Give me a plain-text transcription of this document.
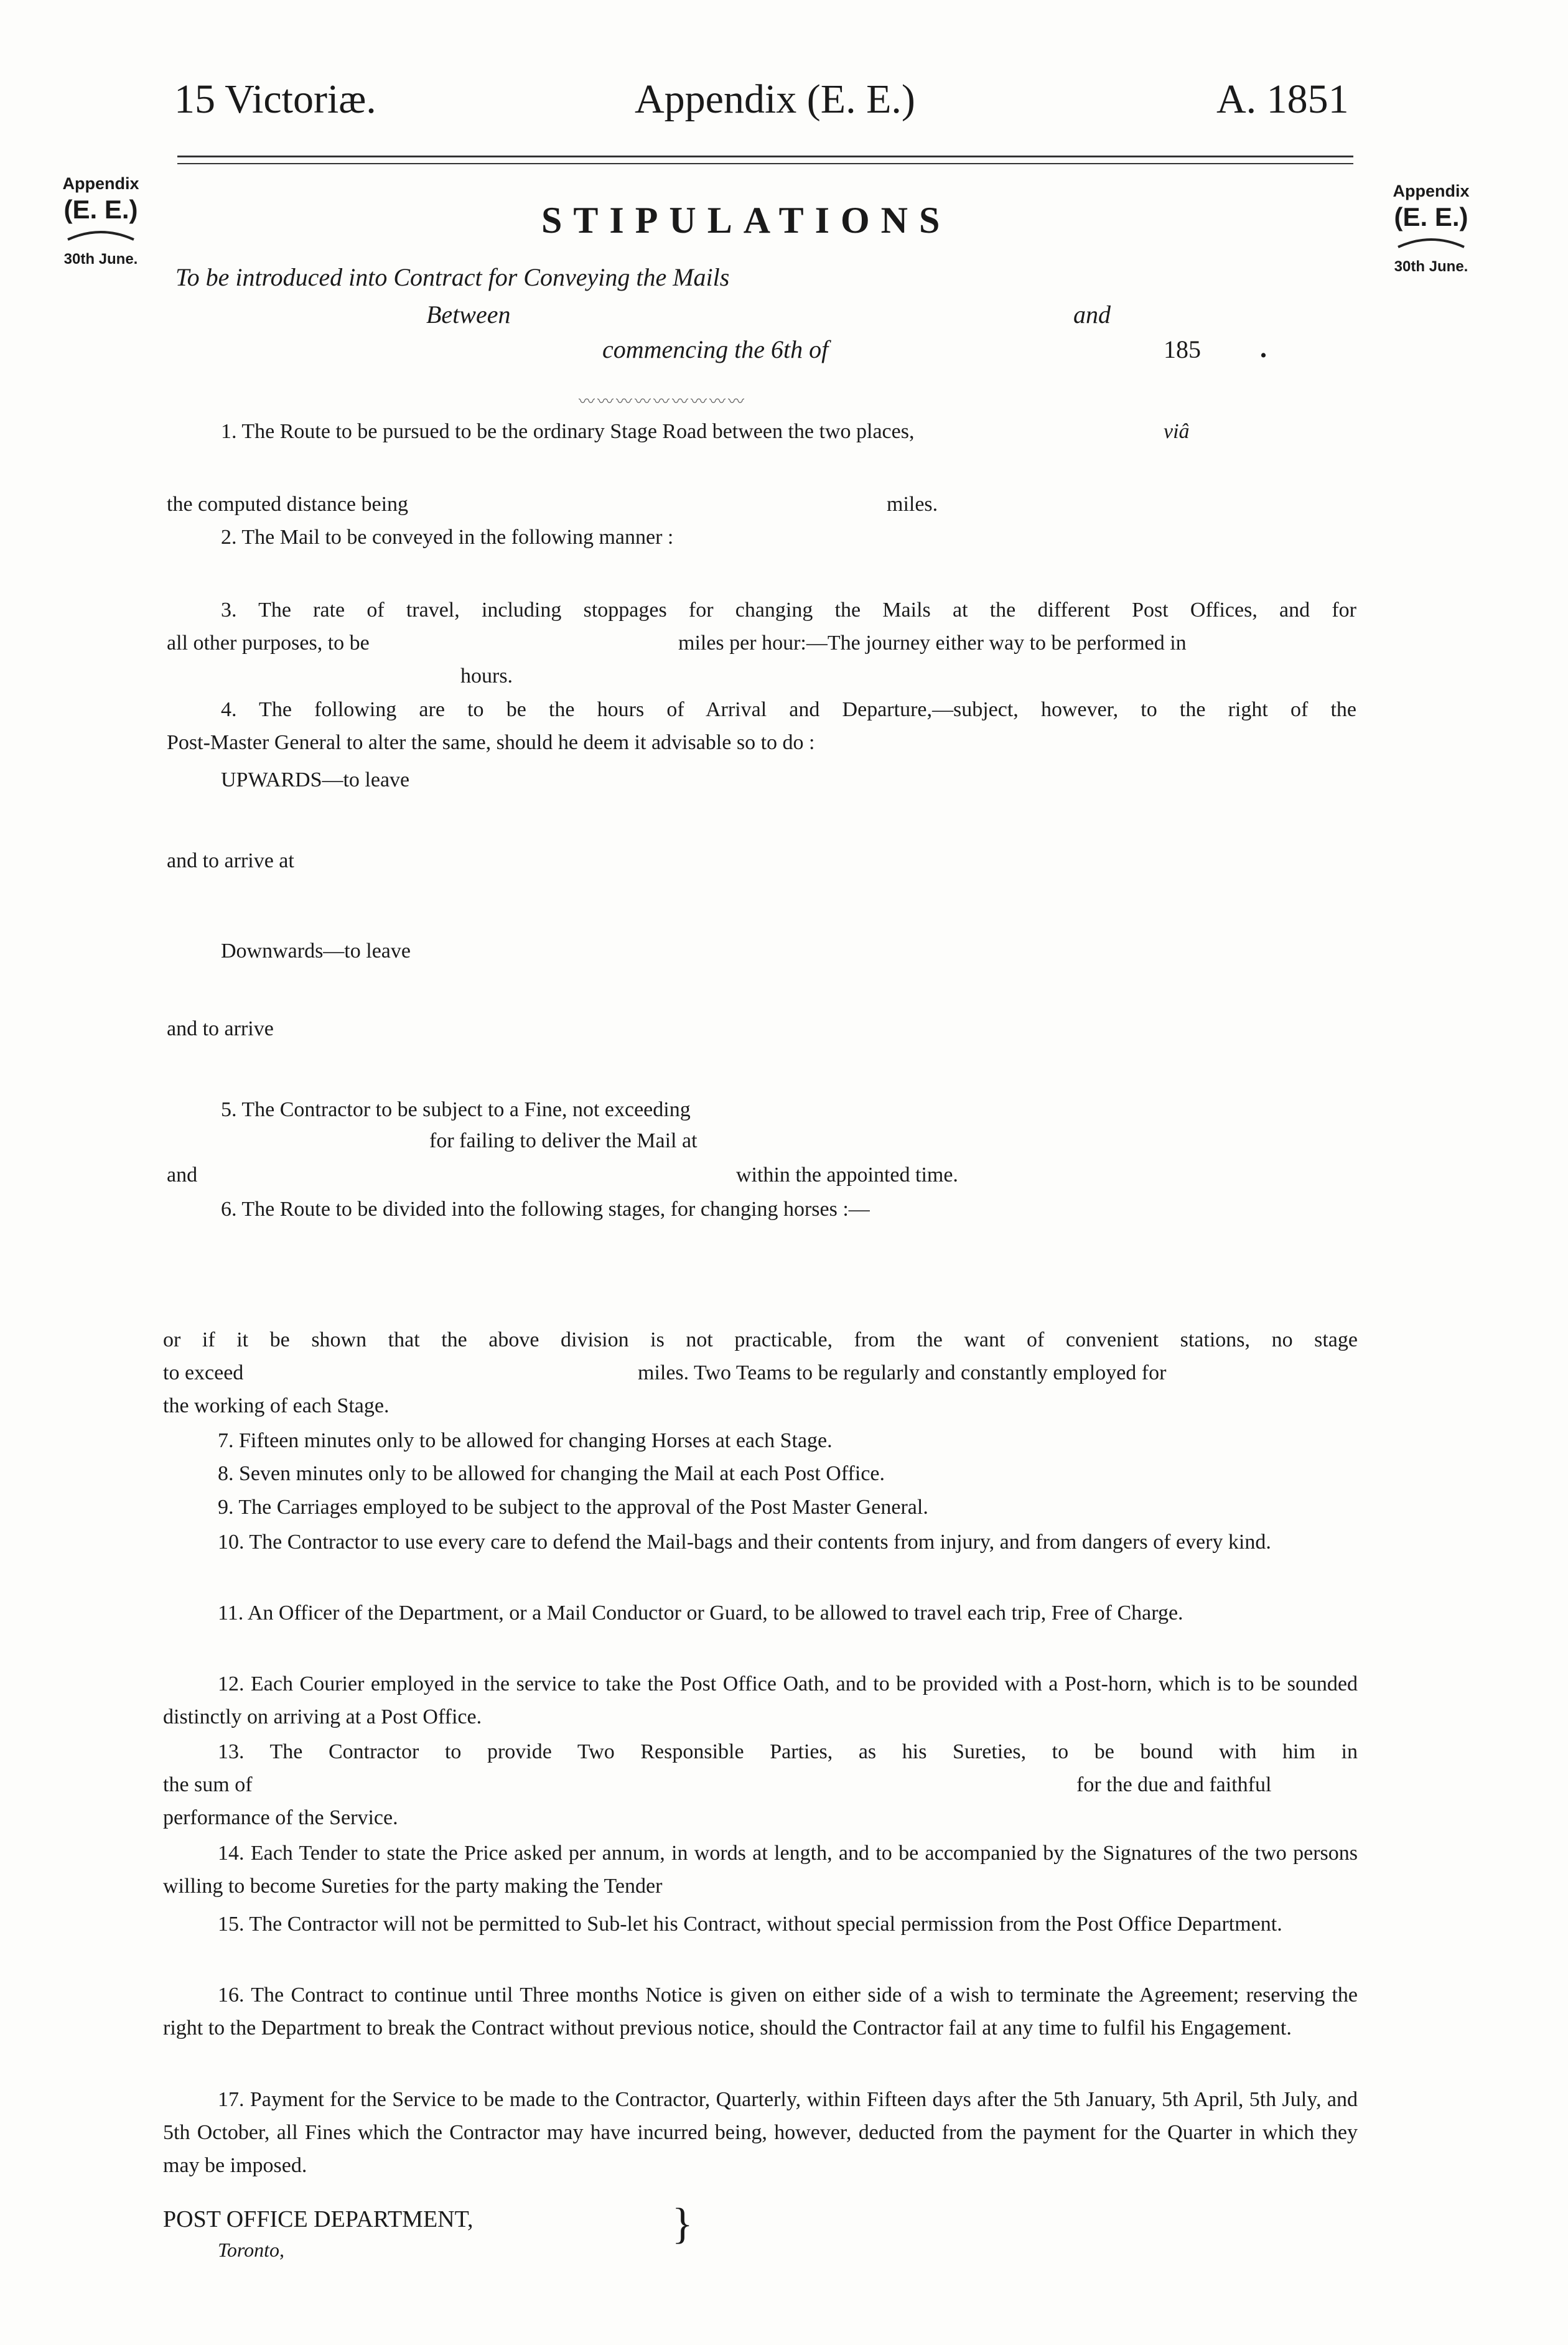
15 Victoriæ.	Appendix (E. E.)	A. 1851
Appendix
(E. E.)
30th June.
Appendix
(E. E.)
30th June.
STIPULATIONS
To be introduced into Contract for Conveying the Mails
Between	and
commencing the 6th of	185 .
〰〰〰〰〰〰〰〰〰
1. The Route to be pursued to be the ordinary Stage Road between the two places,	viâ
the computed distance being	miles.
2. The Mail to be conveyed in the following manner :
3. The rate of travel, including stoppages for changing the Mails at the different Post Offices, and for
all other purposes, to be	miles per hour:—The journey either way to be performed in
hours.
4. The following are to be the hours of Arrival and Departure,—subject, however, to the right of the
Post-Master General to alter the same, should he deem it advisable so to do :
UPWARDS—to leave
and to arrive at
Downwards—to leave
and to arrive
5. The Contractor to be subject to a Fine, not exceeding
for failing to deliver the Mail at
and	within the appointed time.
6. The Route to be divided into the following stages, for changing horses :—
or if it be shown that the above division is not practicable, from the want of convenient stations, no stage
to exceed	miles. Two Teams to be regularly and constantly employed for
the working of each Stage.
7. Fifteen minutes only to be allowed for changing Horses at each Stage.
8. Seven minutes only to be allowed for changing the Mail at each Post Office.
9. The Carriages employed to be subject to the approval of the Post Master General.
10. The Contractor to use every care to defend the Mail-bags and their contents from injury, and from dangers of every kind.
11. An Officer of the Department, or a Mail Conductor or Guard, to be allowed to travel each trip, Free of Charge.
12. Each Courier employed in the service to take the Post Office Oath, and to be provided with a Post-horn, which is to be sounded distinctly on arriving at a Post Office.
13. The Contractor to provide Two Responsible Parties, as his Sureties, to be bound with him in
the sum of	for the due and faithful
performance of the Service.
14. Each Tender to state the Price asked per annum, in words at length, and to be accompanied by the Signatures of the two persons willing to become Sureties for the party making the Tender
15. The Contractor will not be permitted to Sub-let his Contract, without special permission from the Post Office Department.
16. The Contract to continue until Three months Notice is given on either side of a wish to terminate the Agreement; reserving the right to the Department to break the Contract without previous notice, should the Contractor fail at any time to fulfil his Engagement.
17. Payment for the Service to be made to the Contractor, Quarterly, within Fifteen days after the 5th January, 5th April, 5th July, and 5th October, all Fines which the Contractor may have incurred being, however, deducted from the payment for the Quarter in which they may be imposed.
POST OFFICE DEPARTMENT,
Toronto,
}
